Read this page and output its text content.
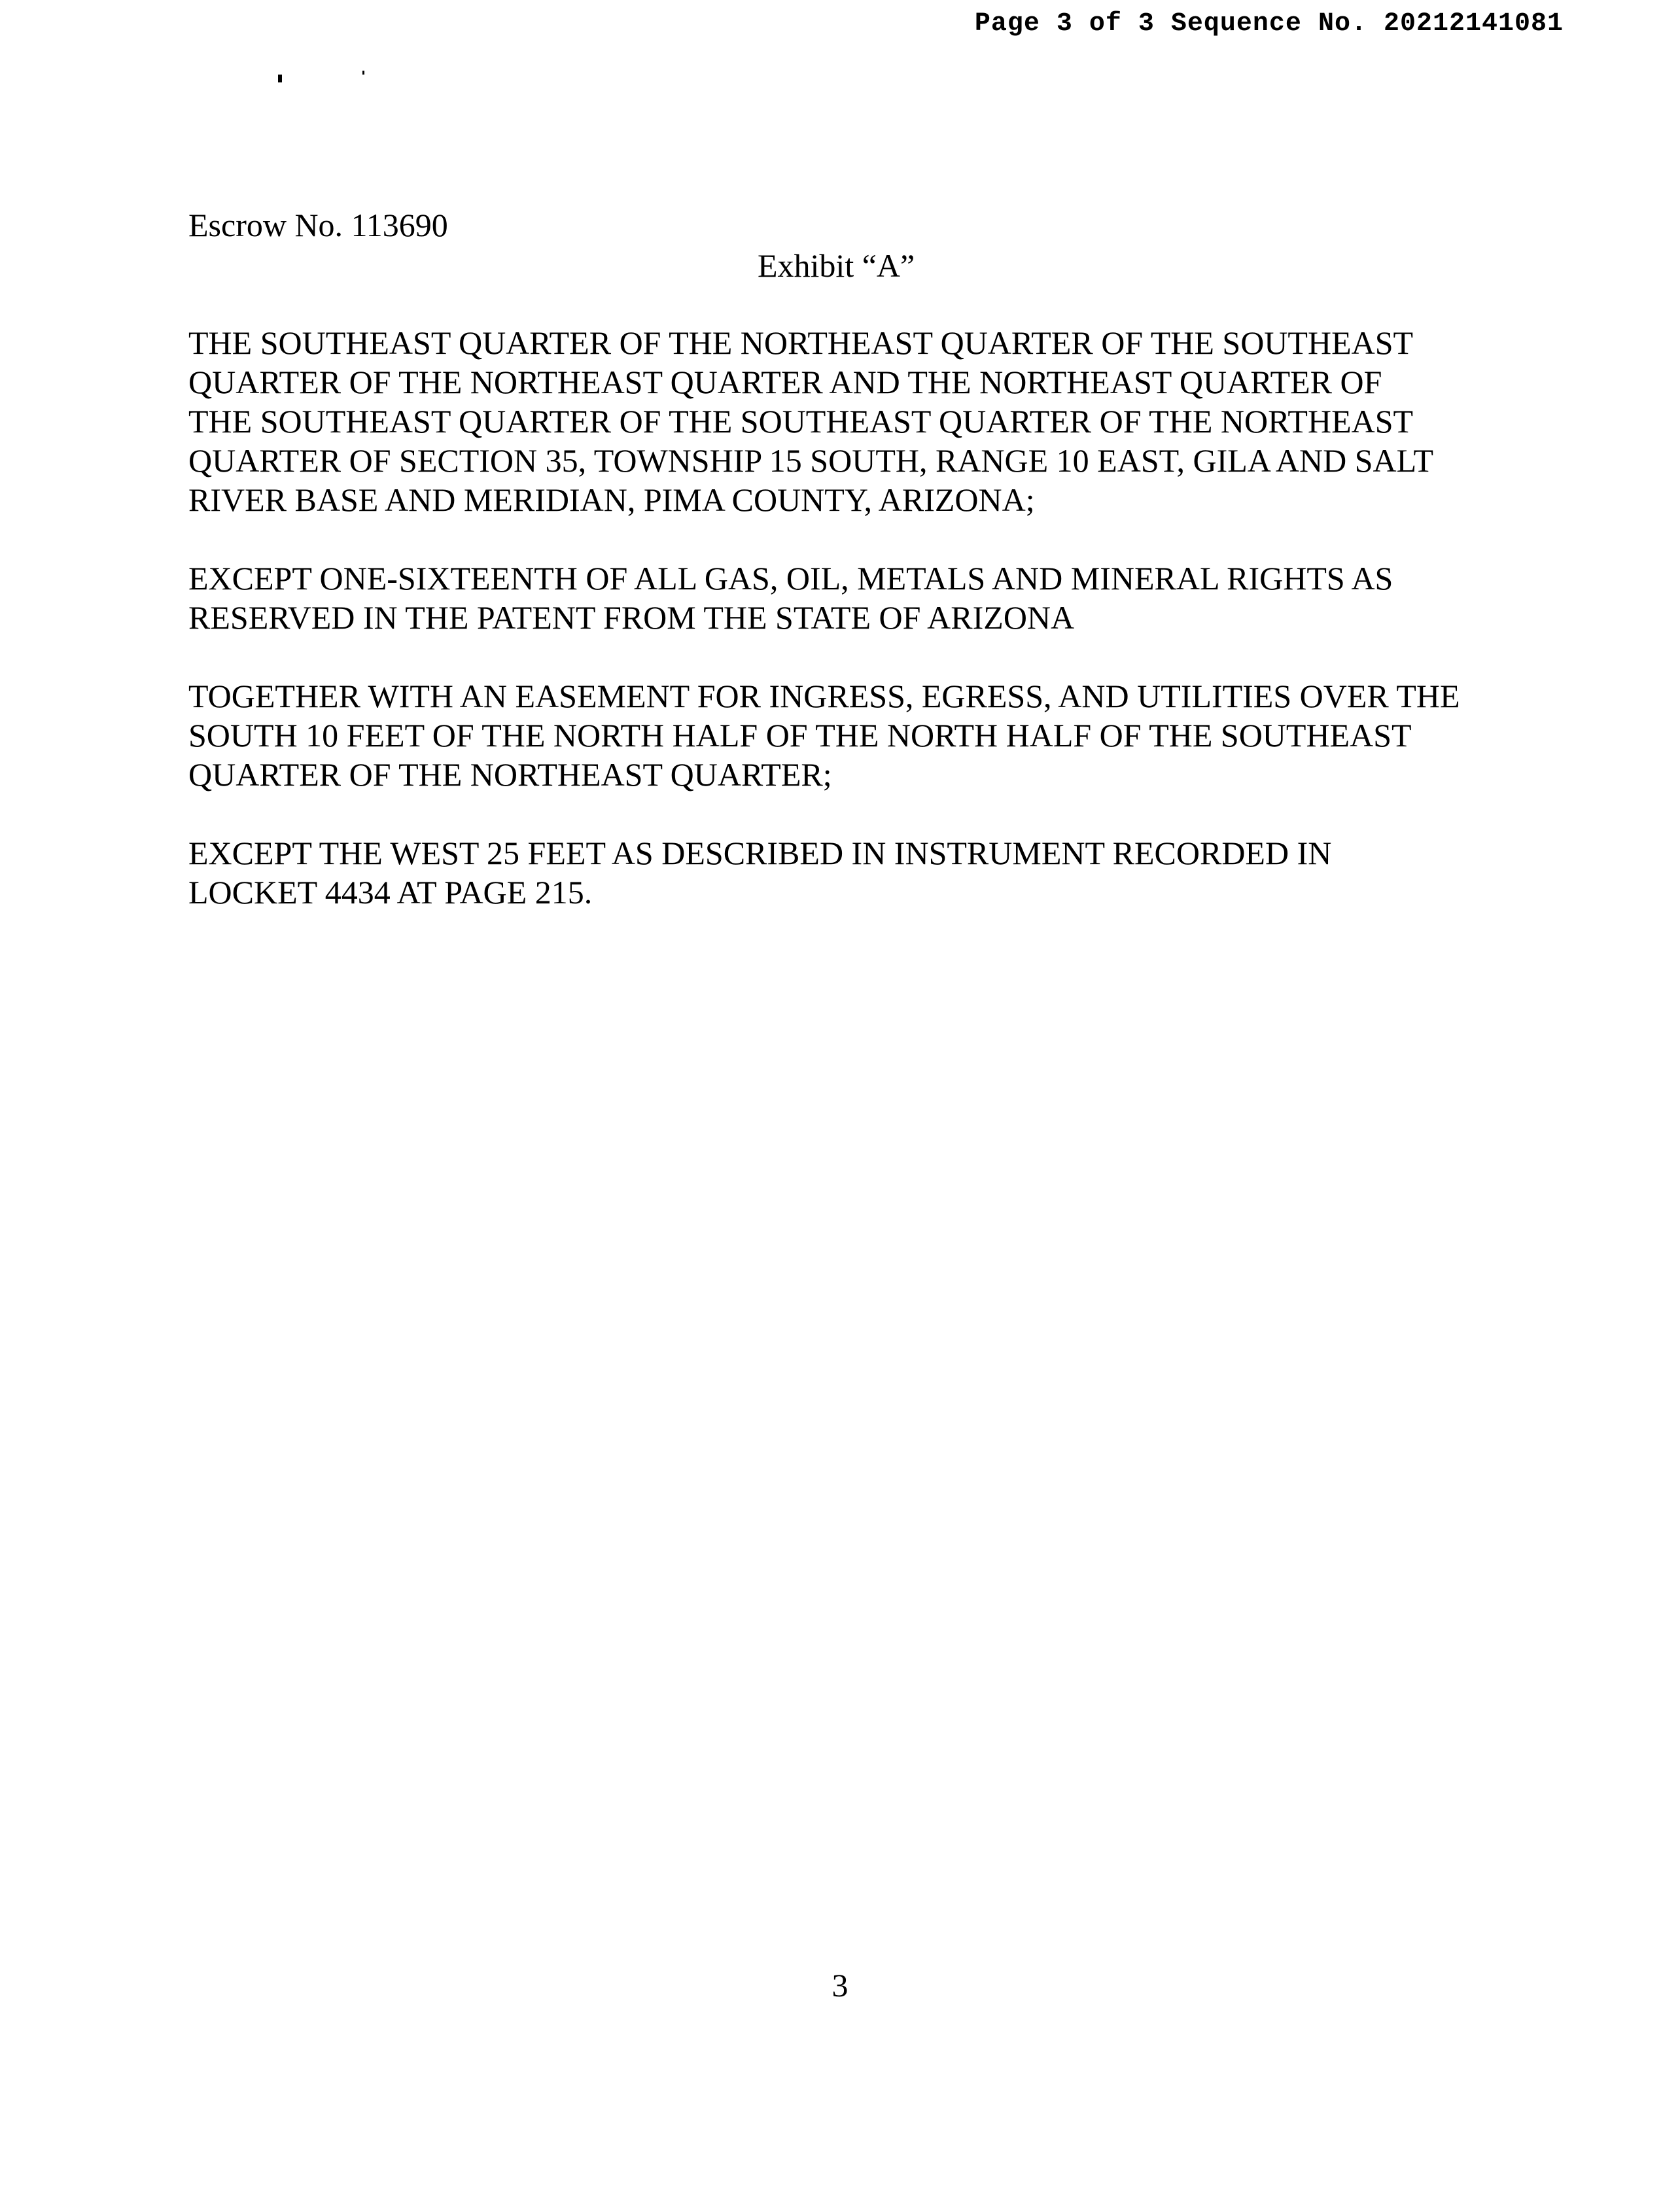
Page 3 of 3 Sequence No. 20212141081
Escrow No. 113690
Exhibit “A”
THE SOUTHEAST QUARTER OF THE NORTHEAST QUARTER OF THE SOUTHEAST
QUARTER OF THE NORTHEAST QUARTER AND THE NORTHEAST QUARTER OF
THE SOUTHEAST QUARTER OF THE SOUTHEAST QUARTER OF THE NORTHEAST
QUARTER OF SECTION 35, TOWNSHIP 15 SOUTH, RANGE 10 EAST, GILA AND SALT
RIVER BASE AND MERIDIAN, PIMA COUNTY, ARIZONA;
EXCEPT ONE-SIXTEENTH OF ALL GAS, OIL, METALS AND MINERAL RIGHTS AS
RESERVED IN THE PATENT FROM THE STATE OF ARIZONA
TOGETHER WITH AN EASEMENT FOR INGRESS, EGRESS, AND UTILITIES OVER THE
SOUTH 10 FEET OF THE NORTH HALF OF THE NORTH HALF OF THE SOUTHEAST
QUARTER OF THE NORTHEAST QUARTER;
EXCEPT THE WEST 25 FEET AS DESCRIBED IN INSTRUMENT RECORDED IN
LOCKET 4434 AT PAGE 215.
3
